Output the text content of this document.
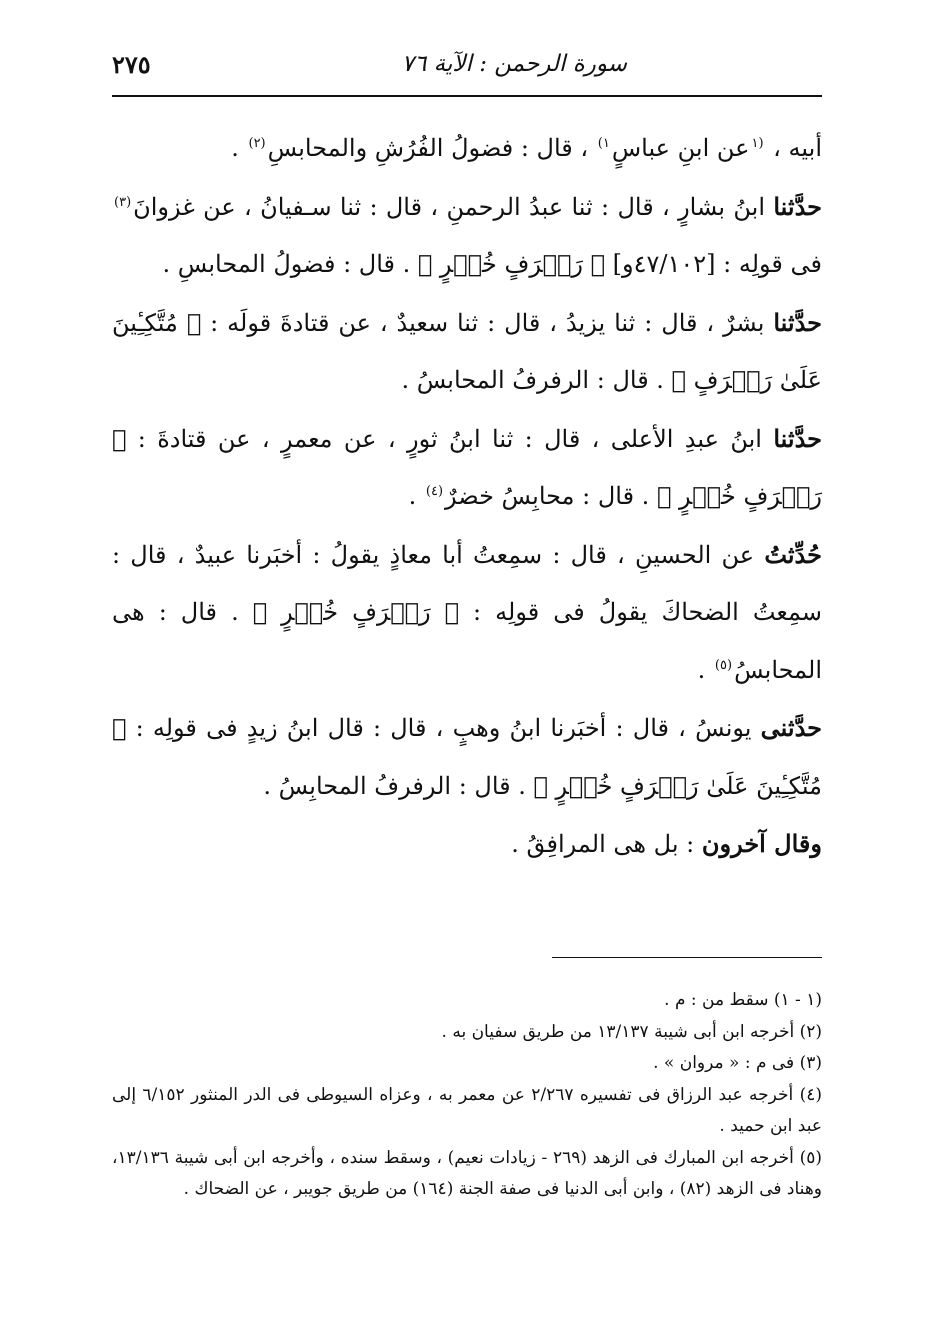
٢٧٥	سورة الرحمن : الآية ٧٦

أبيه ، $^{(١}$عن ابنِ عباسٍ$^{١)}$ ، قال : فضولُ الفُرُشِ والمحابسِ$^{(٢)}$ .

حدَّثنا ابنُ بشارٍ ، قال : ثنا عبدُ الرحمنِ ، قال : ثنا سـفيانُ ، عن غزوانَ$^{(٣)}$ فى قولِه : [٤٧/١٠٢و] ﴿ رَفۡرَفٍ خُضۡرٍ ﴾ . قال : فضولُ المحابسِ .

حدَّثنا بشرٌ ، قال : ثنا يزيدُ ، قال : ثنا سعيدٌ ، عن قتادةَ قولَه : ﴿ مُتَّكِـِٔينَ عَلَىٰ رَفۡرَفٍ ﴾ . قال : الرفرفُ المحابسُ .

حدَّثنا ابنُ عبدِ الأعلى ، قال : ثنا ابنُ ثورٍ ، عن معمرٍ ، عن قتادةَ : ﴿ رَفۡرَفٍ خُضۡرٍ ﴾ . قال : محابِسُ خضرٌ$^{(٤)}$ .

حُدِّثتُ عن الحسينِ ، قال : سمِعتُ أبا معاذٍ يقولُ : أخبَرنا عبيدٌ ، قال : سمِعتُ الضحاكَ يقولُ فى قولِه : ﴿ رَفۡرَفٍ خُضۡرٍ ﴾ . قال : هى المحابسُ$^{(٥)}$ .

حدَّثنى يونسُ ، قال : أخبَرنا ابنُ وهبٍ ، قال : قال ابنُ زيدٍ فى قولِه : ﴿ مُتَّكِـِٔينَ عَلَىٰ رَفۡرَفٍ خُضۡرٍ ﴾ . قال : الرفرفُ المحابِسُ .

وقال آخرون : بل هى المرافِقُ .

(١ - ١) سقط من : م .

(٢) أخرجه ابن أبى شيبة ١٣/١٣٧ من طريق سفيان به .

(٣) فى م : « مروان » .

(٤) أخرجه عبد الرزاق فى تفسيره ٢/٢٦٧ عن معمر به ، وعزاه السيوطى فى الدر المنثور ٦/١٥٢ إلى عبد ابن حميد .

(٥) أخرجه ابن المبارك فى الزهد (٢٦٩ - زيادات نعيم) ، وسقط سنده ، وأخرجه ابن أبى شيبة ١٣/١٣٦، وهناد فى الزهد (٨٢) ، وابن أبى الدنيا فى صفة الجنة (١٦٤) من طريق جويبر ، عن الضحاك .
